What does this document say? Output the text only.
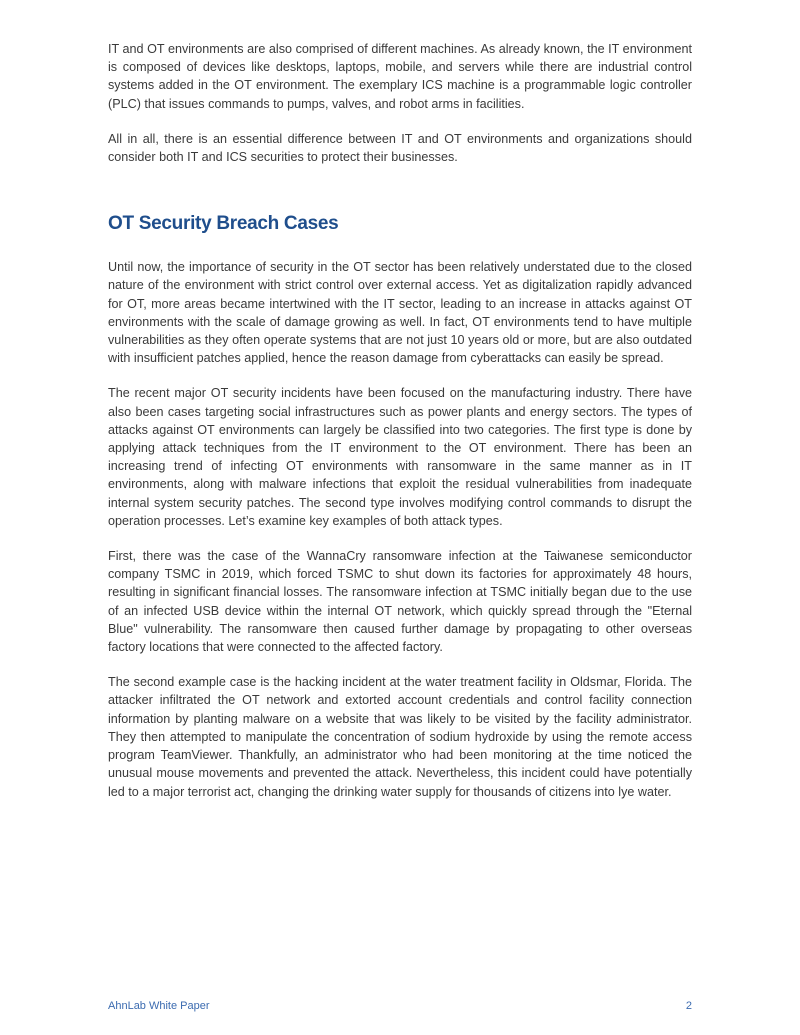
IT and OT environments are also comprised of different machines. As already known, the IT environment is composed of devices like desktops, laptops, mobile, and servers while there are industrial control systems added in the OT environment. The exemplary ICS machine is a programmable logic controller (PLC) that issues commands to pumps, valves, and robot arms in facilities.

All in all, there is an essential difference between IT and OT environments and organizations should consider both IT and ICS securities to protect their businesses.

OT Security Breach Cases

Until now, the importance of security in the OT sector has been relatively understated due to the closed nature of the environment with strict control over external access. Yet as digitalization rapidly advanced for OT, more areas became intertwined with the IT sector, leading to an increase in attacks against OT environments with the scale of damage growing as well. In fact, OT environments tend to have multiple vulnerabilities as they often operate systems that are not just 10 years old or more, but are also outdated with insufficient patches applied, hence the reason damage from cyberattacks can easily be spread.

The recent major OT security incidents have been focused on the manufacturing industry. There have also been cases targeting social infrastructures such as power plants and energy sectors. The types of attacks against OT environments can largely be classified into two categories. The first type is done by applying attack techniques from the IT environment to the OT environment. There has been an increasing trend of infecting OT environments with ransomware in the same manner as in IT environments, along with malware infections that exploit the residual vulnerabilities from inadequate internal system security patches. The second type involves modifying control commands to disrupt the operation processes. Let’s examine key examples of both attack types.

First, there was the case of the WannaCry ransomware infection at the Taiwanese semiconductor company TSMC in 2019, which forced TSMC to shut down its factories for approximately 48 hours, resulting in significant financial losses. The ransomware infection at TSMC initially began due to the use of an infected USB device within the internal OT network, which quickly spread through the "Eternal Blue" vulnerability. The ransomware then caused further damage by propagating to other overseas factory locations that were connected to the affected factory.

The second example case is the hacking incident at the water treatment facility in Oldsmar, Florida. The attacker infiltrated the OT network and extorted account credentials and control facility connection information by planting malware on a website that was likely to be visited by the facility administrator. They then attempted to manipulate the concentration of sodium hydroxide by using the remote access program TeamViewer. Thankfully, an administrator who had been monitoring at the time noticed the unusual mouse movements and prevented the attack. Nevertheless, this incident could have potentially led to a major terrorist act, changing the drinking water supply for thousands of citizens into lye water.

AhnLab White Paper	2
